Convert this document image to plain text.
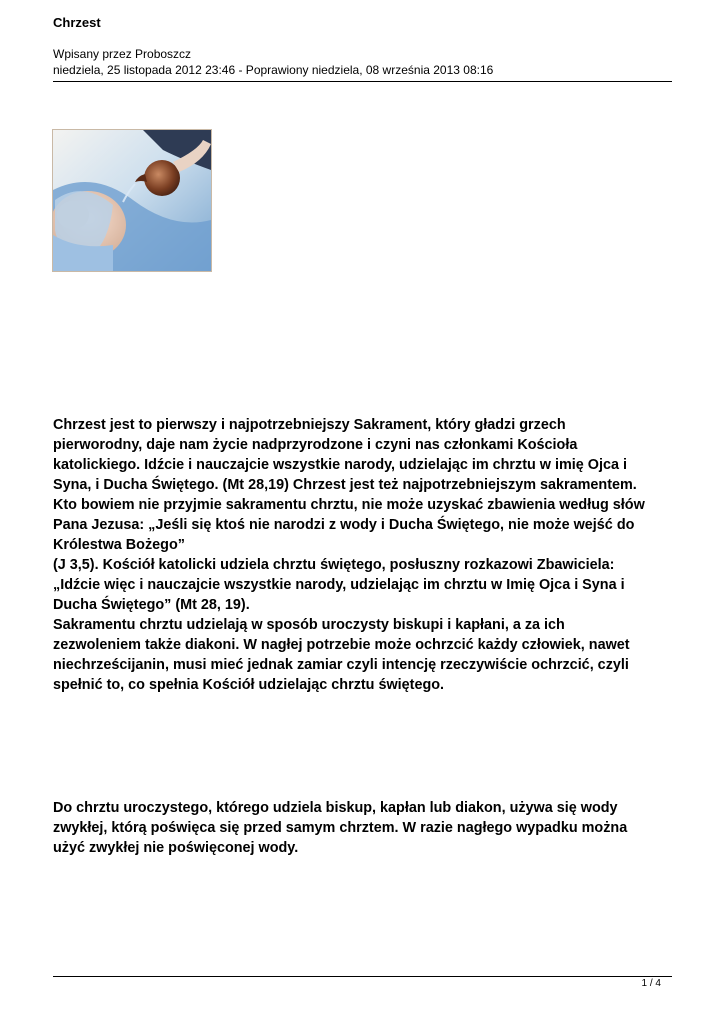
Chrzest
Wpisany przez Proboszcz
niedziela, 25 listopada 2012 23:46 - Poprawiony niedziela, 08 września 2013 08:16
Chrzest jest to pierwszy i najpotrzebniejszy Sakrament, który gładzi grzech
pierworodny, daje nam życie nadprzyrodzone i czyni nas członkami Kościoła
katolickiego. Idźcie i nauczajcie wszystkie narody, udzielając im chrztu w imię Ojca i
Syna, i Ducha Świętego. (Mt 28,19) Chrzest jest też najpotrzebniejszym sakramentem.
Kto bowiem nie przyjmie sakramentu chrztu, nie może uzyskać zbawienia według słów
Pana Jezusa: „Jeśli się ktoś nie narodzi z wody i Ducha Świętego, nie może wejść do
Królestwa Bożego”
(J 3,5). Kościół katolicki udziela chrztu świętego, posłuszny rozkazowi Zbawiciela:
„Idźcie więc i nauczajcie wszystkie narody, udzielając im chrztu w Imię Ojca i Syna i
Ducha Świętego” (Mt 28, 19).
Sakramentu chrztu udzielają w sposób uroczysty biskupi i kapłani, a za ich
zezwoleniem także diakoni. W nagłej potrzebie może ochrzcić każdy człowiek, nawet
niechrześcijanin, musi mieć jednak zamiar czyli intencję rzeczywiście ochrzcić, czyli
spełnić to, co spełnia Kościół udzielając chrztu świętego.
Do chrztu uroczystego, którego udziela biskup, kapłan lub diakon, używa się wody
zwykłej, którą poświęca się przed samym chrztem. W razie nagłego wypadku można
użyć zwykłej nie poświęconej wody.
1 / 4
